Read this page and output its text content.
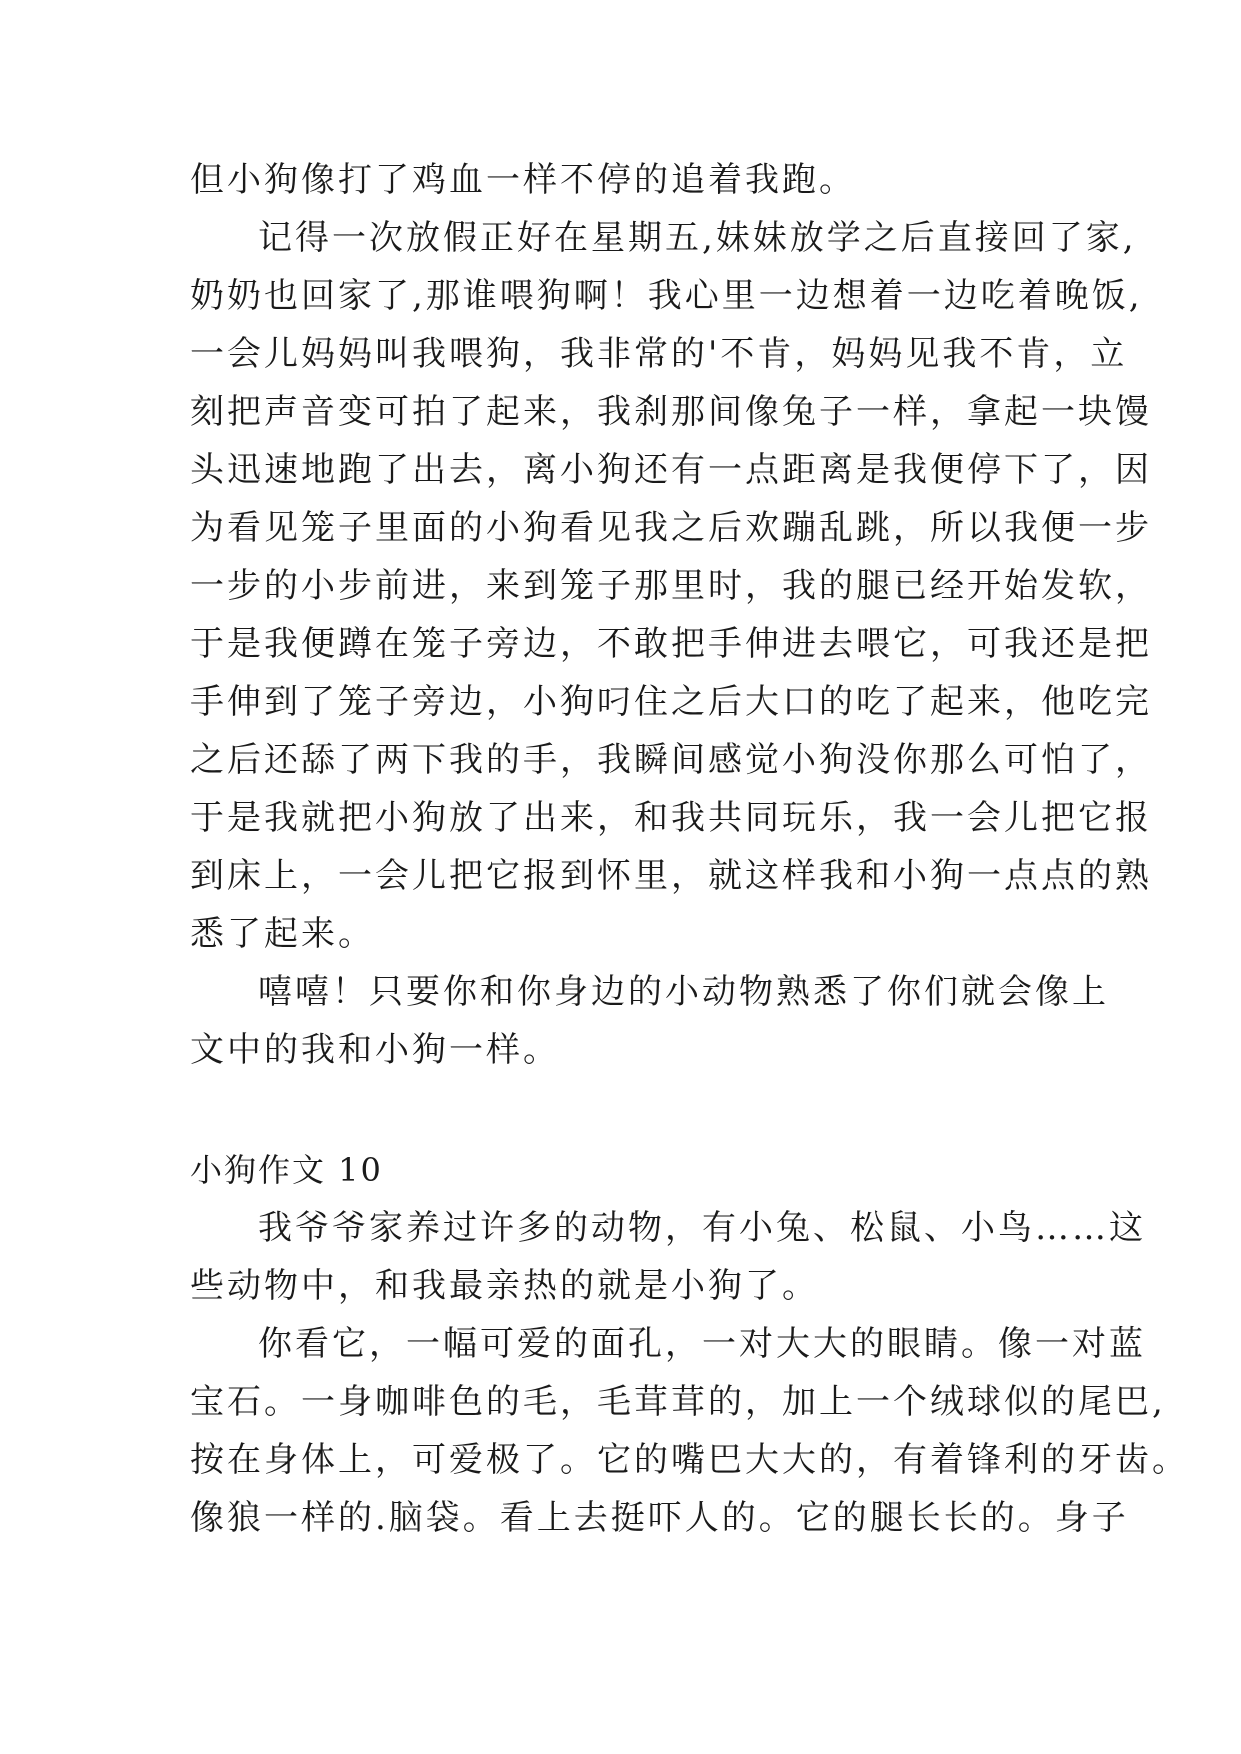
但小狗像打了鸡血一样不停的追着我跑。
记得一次放假正好在星期五,妹妹放学之后直接回了家,
奶奶也回家了,那谁喂狗啊！我心里一边想着一边吃着晚饭,
一会儿妈妈叫我喂狗，我非常的'不肯，妈妈见我不肯，立
刻把声音变可拍了起来，我刹那间像兔子一样，拿起一块馒
头迅速地跑了出去，离小狗还有一点距离是我便停下了，因
为看见笼子里面的小狗看见我之后欢蹦乱跳，所以我便一步
一步的小步前进，来到笼子那里时，我的腿已经开始发软，
于是我便蹲在笼子旁边，不敢把手伸进去喂它，可我还是把
手伸到了笼子旁边，小狗叼住之后大口的吃了起来，他吃完
之后还舔了两下我的手，我瞬间感觉小狗没你那么可怕了，
于是我就把小狗放了出来，和我共同玩乐，我一会儿把它报
到床上，一会儿把它报到怀里，就这样我和小狗一点点的熟
悉了起来。
嘻嘻！只要你和你身边的小动物熟悉了你们就会像上
文中的我和小狗一样。
小狗作文 10
我爷爷家养过许多的动物，有小兔、松鼠、小鸟……这
些动物中，和我最亲热的就是小狗了。
你看它，一幅可爱的面孔，一对大大的眼睛。像一对蓝
宝石。一身咖啡色的毛，毛茸茸的，加上一个绒球似的尾巴,
按在身体上，可爱极了。它的嘴巴大大的，有着锋利的牙齿。
像狼一样的.脑袋。看上去挺吓人的。它的腿长长的。身子
